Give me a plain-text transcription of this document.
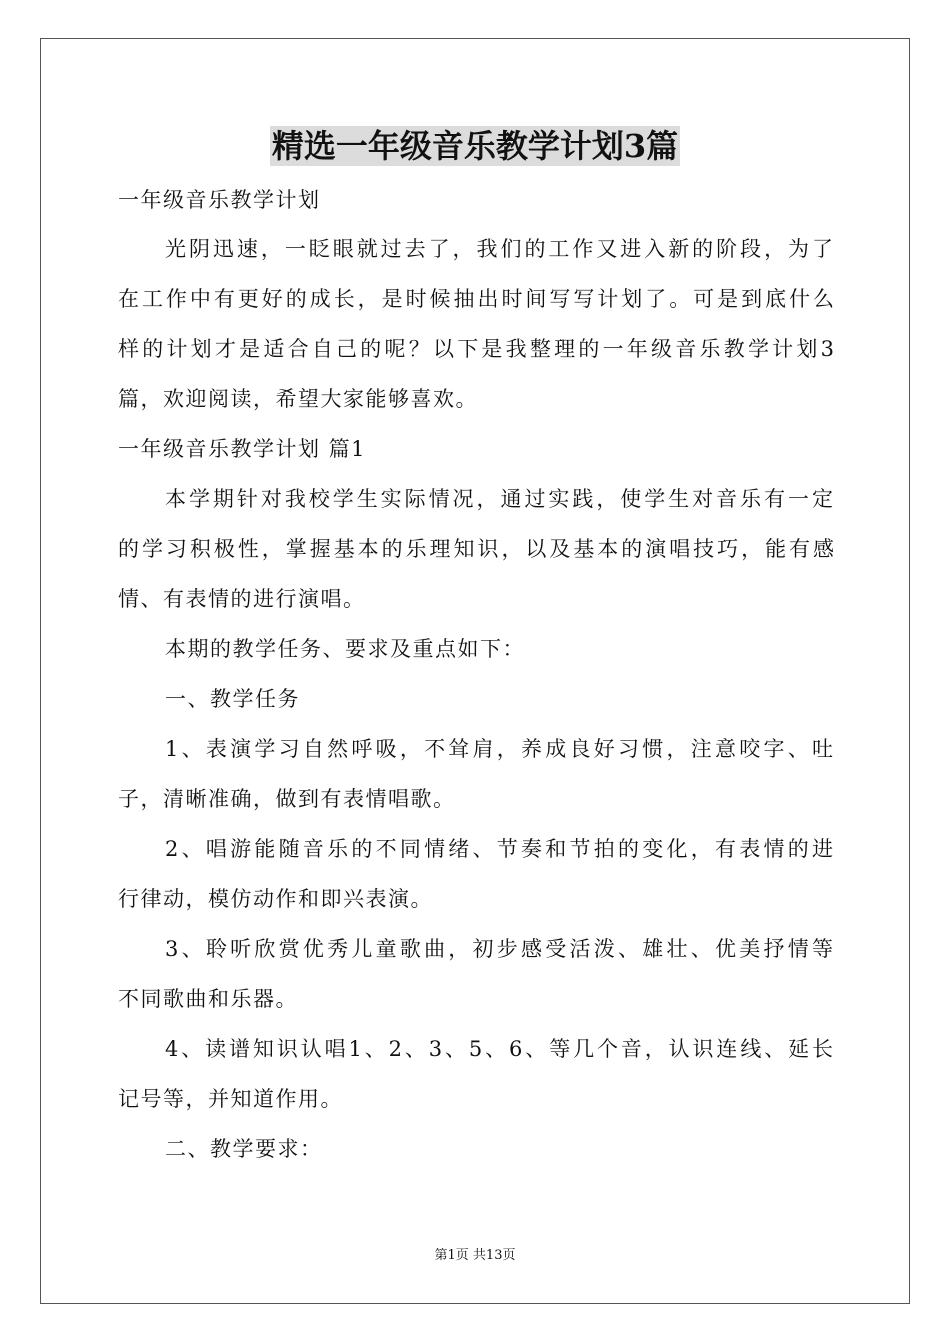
精选一年级音乐教学计划3篇
一年级音乐教学计划
光阴迅速，一眨眼就过去了，我们的工作又进入新的阶段，为了
在工作中有更好的成长，是时候抽出时间写写计划了。可是到底什么
样的计划才是适合自己的呢？以下是我整理的一年级音乐教学计划3
篇，欢迎阅读，希望大家能够喜欢。
一年级音乐教学计划 篇1
本学期针对我校学生实际情况，通过实践，使学生对音乐有一定
的学习积极性，掌握基本的乐理知识，以及基本的演唱技巧，能有感
情、有表情的进行演唱。
本期的教学任务、要求及重点如下：
一、教学任务
1、表演学习自然呼吸，不耸肩，养成良好习惯，注意咬字、吐
子，清晰准确，做到有表情唱歌。
2、唱游能随音乐的不同情绪、节奏和节拍的变化，有表情的进
行律动，模仿动作和即兴表演。
3、聆听欣赏优秀儿童歌曲，初步感受活泼、雄壮、优美抒情等
不同歌曲和乐器。
4、读谱知识认唱1、2、3、5、6、等几个音，认识连线、延长
记号等，并知道作用。
二、教学要求：
第1页 共13页
